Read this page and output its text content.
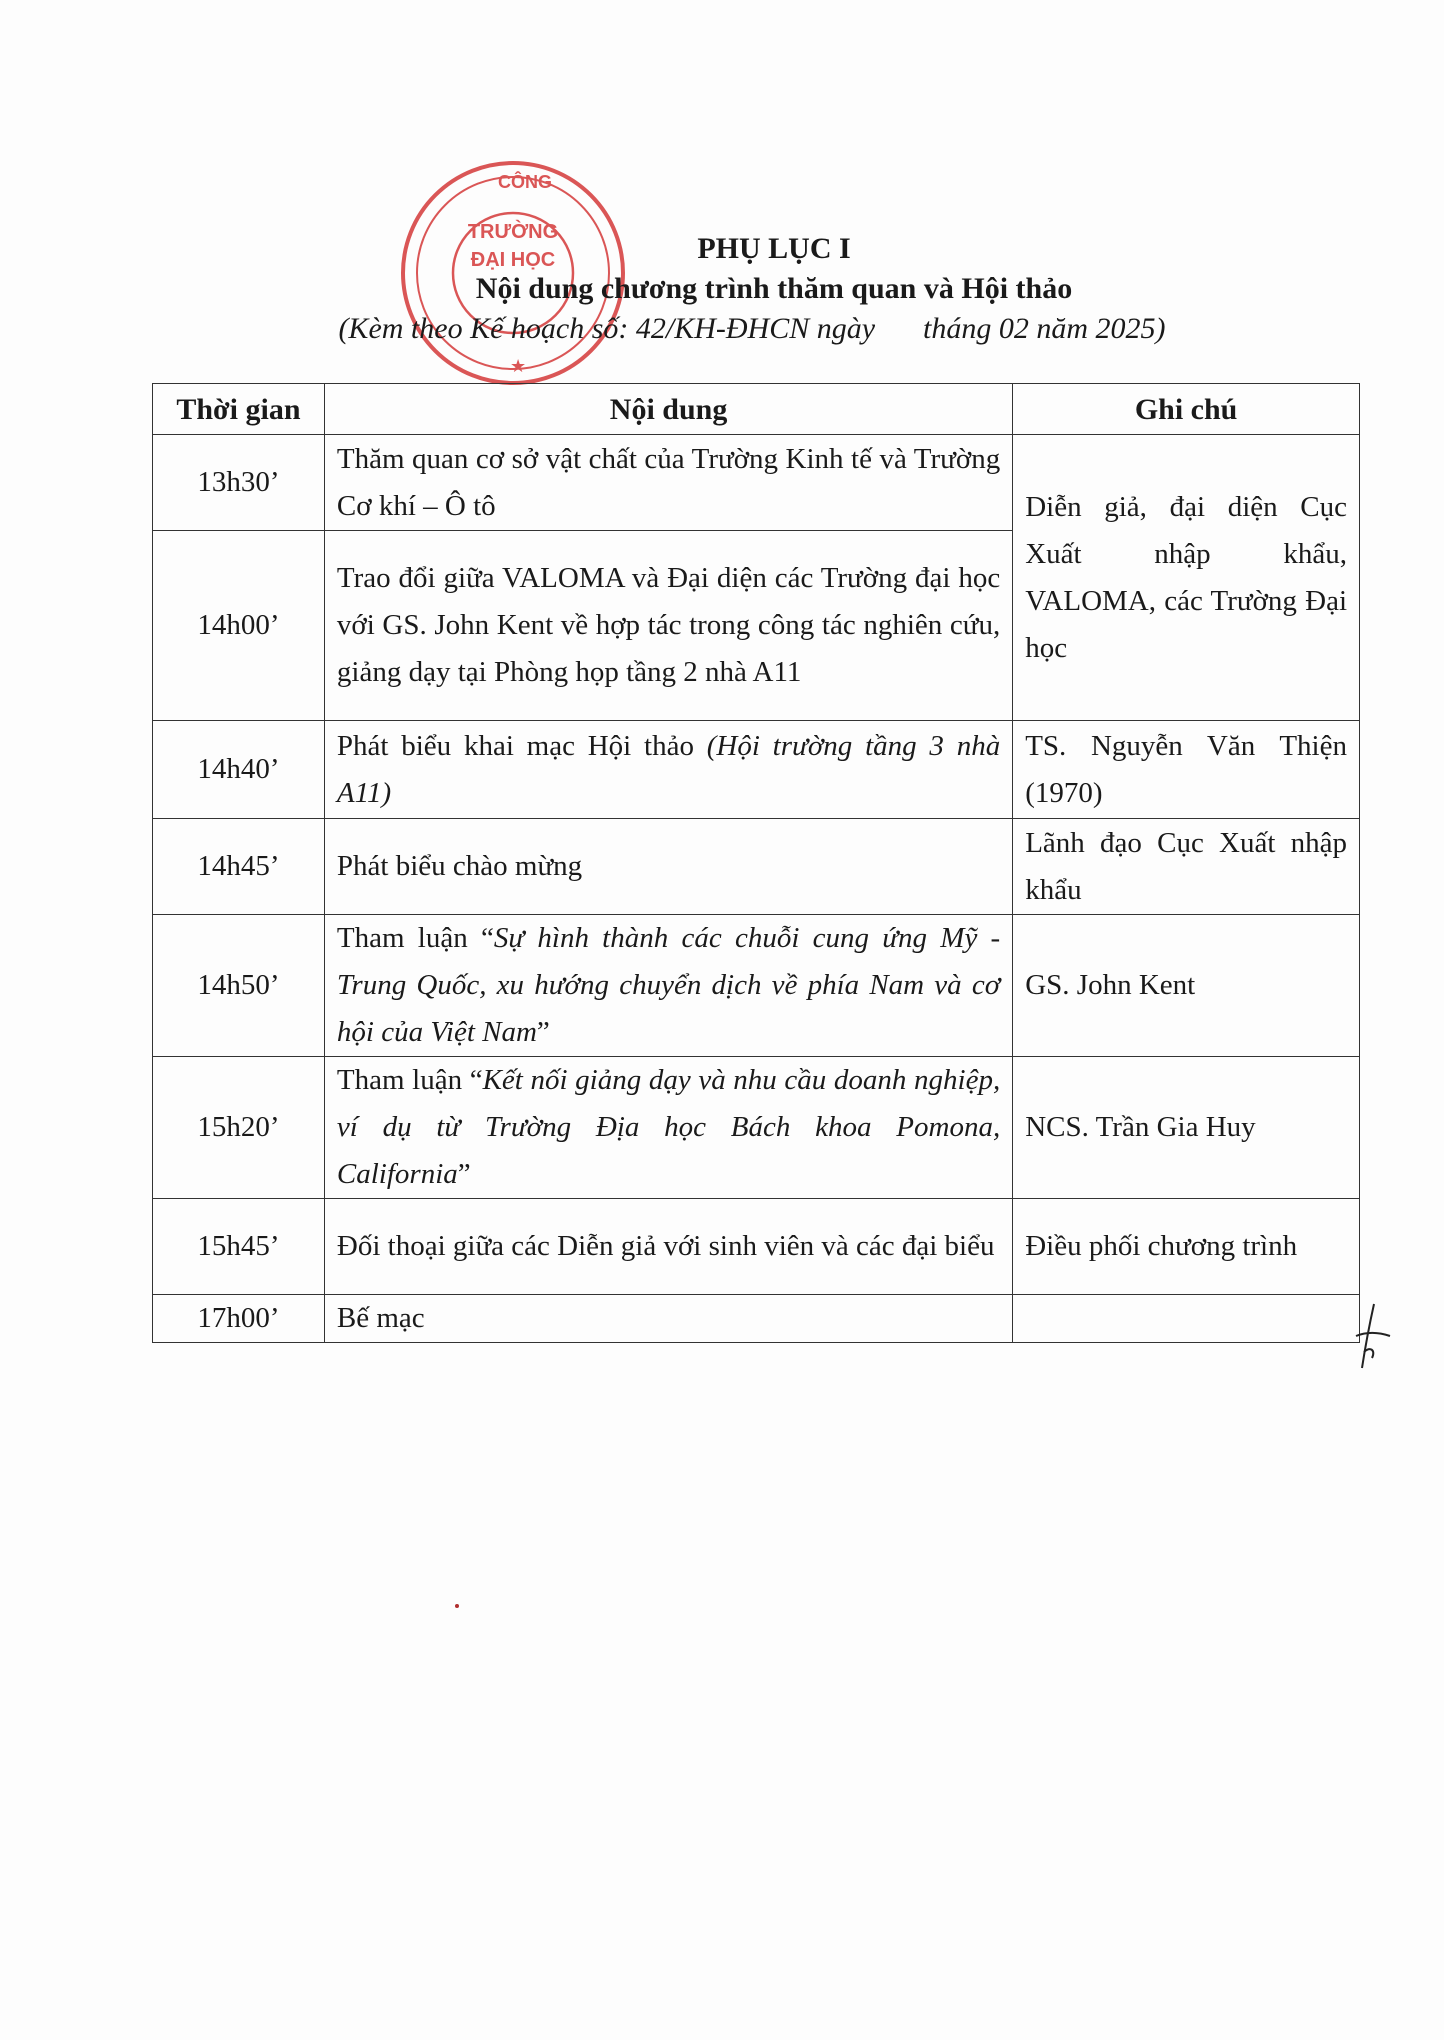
CÔNG
TRƯỜNG
ĐẠI HỌC
★
PHỤ LỤC I
Nội dung chương trình thăm quan và Hội thảo
(Kèm theo Kế hoạch số: 42/KH-ĐHCN ngày tháng 02 năm 2025)
Thời gian	Nội dung	Ghi chú
13h30’	Thăm quan cơ sở vật chất của Trường Kinh tế và Trường Cơ khí – Ô tô	Diễn giả, đại diện Cục Xuất nhập khẩu, VALOMA, các Trường Đại học
14h00’	Trao đổi giữa VALOMA và Đại diện các Trường đại học với GS. John Kent về hợp tác trong công tác nghiên cứu, giảng dạy tại Phòng họp tầng 2 nhà A11	
14h40’	Phát biểu khai mạc Hội thảo (Hội trường tầng 3 nhà A11)	TS. Nguyễn Văn Thiện (1970)
14h45’	Phát biểu chào mừng	Lãnh đạo Cục Xuất nhập khẩu
14h50’	Tham luận “Sự hình thành các chuỗi cung ứng Mỹ - Trung Quốc, xu hướng chuyển dịch về phía Nam và cơ hội của Việt Nam”	GS. John Kent
15h20’	Tham luận “Kết nối giảng dạy và nhu cầu doanh nghiệp, ví dụ từ Trường Địa học Bách khoa Pomona, California”	NCS. Trần Gia Huy
15h45’	Đối thoại giữa các Diễn giả với sinh viên và các đại biểu	Điều phối chương trình
17h00’	Bế mạc	
